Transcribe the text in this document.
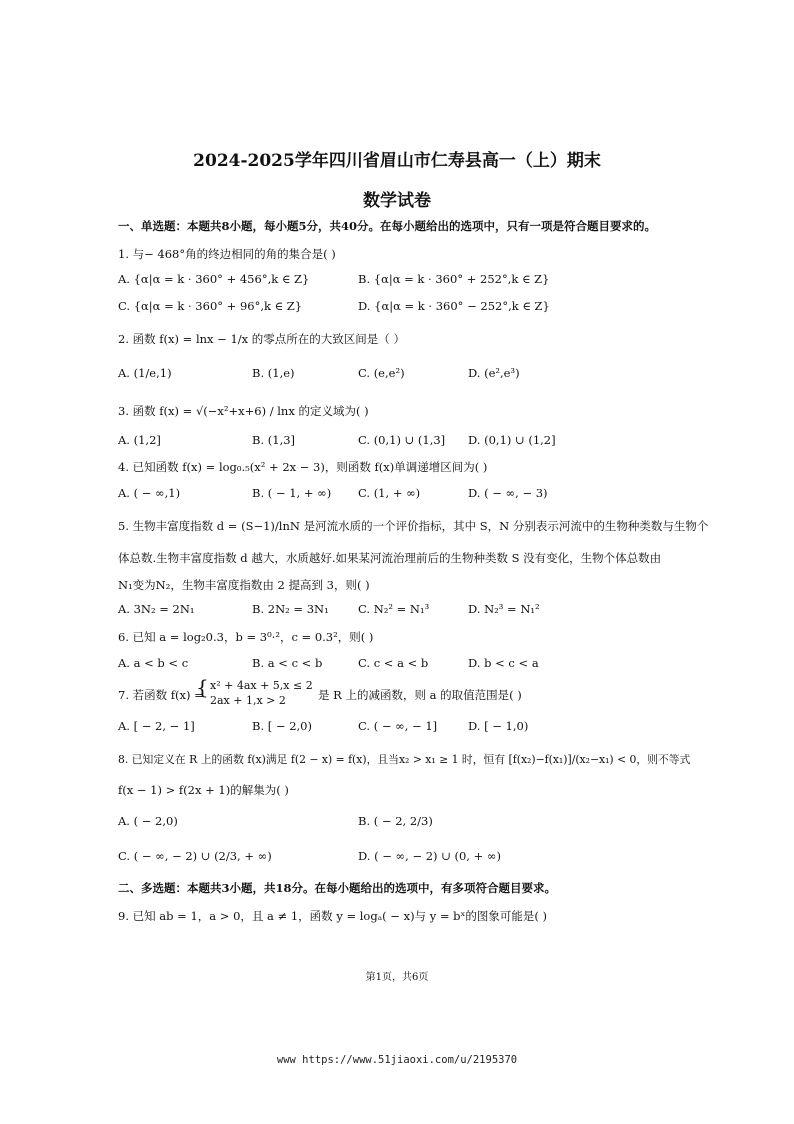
2024-2025学年四川省眉山市仁寿县高一（上）期末
数学试卷
一、单选题：本题共8小题，每小题5分，共40分。在每小题给出的选项中，只有一项是符合题目要求的。
1. 与− 468°角的终边相同的角的集合是( )
A. {α|α = k · 360° + 456°,k ∈ Z}	B. {α|α = k · 360° + 252°,k ∈ Z}
C. {α|α = k · 360° + 96°,k ∈ Z}	D. {α|α = k · 360° − 252°,k ∈ Z}
2. 函数 f(x) = lnx − 1/x 的零点所在的大致区间是（ ）
A. (1/e,1)	B. (1,e)	C. (e,e²)	D. (e²,e³)
3. 函数 f(x) = √(−x²+x+6) / lnx 的定义域为( )
A. (1,2]	B. (1,3]	C. (0,1) ∪ (1,3] D. (0,1) ∪ (1,2]
4. 已知函数 f(x) = log₀.₅(x² + 2x − 3)，则函数 f(x)单调递增区间为( )
A. ( − ∞,1)	B. ( − 1, + ∞) C. (1, + ∞)	D. ( − ∞, − 3)
5. 生物丰富度指数 d = (S−1)/lnN 是河流水质的一个评价指标，其中 S，N 分别表示河流中的生物种类数与生物个
体总数.生物丰富度指数 d 越大，水质越好.如果某河流治理前后的生物种类数 S 没有变化，生物个体总数由
N₁变为N₂，生物丰富度指数由 2 提高到 3，则( )
A. 3N₂ = 2N₁	B. 2N₂ = 3N₁	C. N₂² = N₁³	D. N₂³ = N₁²
6. 已知 a = log₂0.3，b = 3⁰·²，c = 0.3²，则( )
A. a < b < c	B. a < c < b	C. c < a < b	D. b < c < a
7. 若函数 f(x) =
{ x² + 4ax + 5,x ≤ 2
2ax + 1,x > 2	是 R 上的减函数，则 a 的取值范围是( )
A. [ − 2, − 1]	B. [ − 2,0)	C. ( − ∞, − 1]	D. [ − 1,0)
8. 已知定义在 R 上的函数 f(x)满足 f(2 − x) = f(x)，且当x₂ > x₁ ≥ 1 时，恒有 [f(x₂)−f(x₁)]/(x₂−x₁) < 0，则不等式
f(x − 1) > f(2x + 1)的解集为( )
A. ( − 2,0)	B. ( − 2, 2/3)
C. ( − ∞, − 2) ∪ (2/3, + ∞)	D. ( − ∞, − 2) ∪ (0, + ∞)
二、多选题：本题共3小题，共18分。在每小题给出的选项中，有多项符合题目要求。
9. 已知 ab = 1，a > 0，且 a ≠ 1，函数 y = logₐ( − x)与 y = bˣ的图象可能是( )
第1页，共6页
www https://www.51jiaoxi.com/u/2195370
